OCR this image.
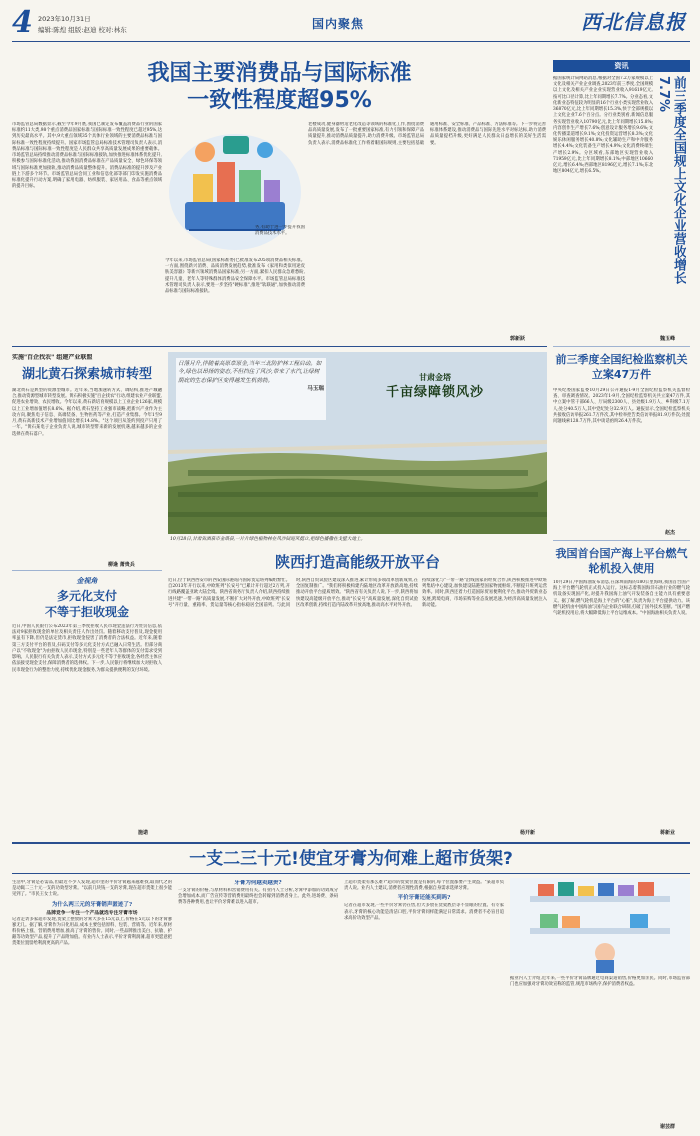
4 2023年10月31日
编辑:陈煌 组版:赵迪 校对:林东	国内聚焦	西北信息报
我国主要消费品与国际标准
一致性程度超95%
市场监管总局数据显示,截至今年9月底,我国已制定发布覆盖消费品行业的国家标准约11大类,98个重点消费品国家标准与国际标准一致性程度已超过95%,达到历史最高水平。其中,9大重点领域35个具体行业领域的主要消费品标准与国际标准一致性程度持续提升。国家市场监管总局标准技术管理司负责人表示,消费品标准与国际标准一致性程度是人民群众共享高质量发展成果的重要载体。市场监管总局持续推动消费品标准与国际标准接轨,加快推进标准体系优化提升,积极参与国际标准化活动,推动我国消费品标准在产品质量安全、绿色环保等领域与国际标准更加接轨,推动消费品质量整体提升。消费品标准的提升涉及产业链上下游多个环节。市场监管总局会同工业和信息化部等部门印发实施消费品标准化提升行动方案,明确了家用电器、纺织服装、家居用品、食品等重点领域的提升目标。
务,有助于进一步提升我国消费品技术水平。
今年以来,市场监管总局(国家标准委)已批准发布205项消费品相关标准。一方面,围绕新兴消费、品质消费发展趋势,批准发布《家用和类似用途皮肤美容器》等新兴领域消费品国家标准;另一方面,紧扣人民群众急难愁盼,提升儿童、老年人等特殊群体消费品安全保障水平。市场监管总局标准技术管理司负责人表示,要进一步坚持"硬标准",推进"软联通",加快推动消费品标准与国际标准接轨。
老楼成功,健身器材适老化改造等领域的标准化工作,围绕消费品高质量发展,发布了一批重要国家标准,有力引领和保障产品质量提升,推动消费品质量提升,助力消费升级。市场监管总局负责人表示,消费品标准化工作将着眼国际规则,主要包括基础通用标准、安全标准、产品标准、方法标准等。下一步将完善标准体系建设,推动消费品与国际先进水平对标达标,助力消费品质量提档升级,更好满足人民群众日益增长的美好生活需要。
郭新跃
资讯
前三季度全国规上文化企业营收增长7.7%
据国家统计局网站消息,根据对全国7.2万家规模以上文化及相关产业企业调查,2023年前三季度,全国规模以上文化及相关产业企业实现营业收入91619亿元,按可比口径计算,比上年同期增长7.7%。分业态看,文化新业态特征较为明显的16个行业小类实现营业收入36870亿元,比上年同期增长15.3%,快于全部规模以上文化企业7.6个百分点。分行业类别看,新闻信息服务实现营业收入10790亿元,比上年同期增长15.8%;内容创作生产增长7.6%;创意设计服务增长9.6%;文化传播渠道增长9.1%;文化投资运营增长8.3%;文化娱乐休闲服务增长40.8%;文化辅助生产和中介服务增长4.4%;文化装备生产增长4.9%;文化消费终端生产增长2.9%。分区域看,东部地区实现营业收入71959亿元,比上年同期增长8.1%;中部地区10660亿元,增长6.4%;西部地区8196亿元,增长7.1%;东北地区804亿元,增长6.5%。
魏玉峰
实施"百企找农" 组建产业联盟
湖北黄石探索城市转型
湖北黄石是典型的资源型城市。近年来,当地加速转方式、调结构,推进产城融合,推动资源型城市转型发展。黄石积极实施"百企找农"行动,组建农业产业联盟,促进农业增效、农民增收。今年以来,黄石新培育规模以上工业企业126家,规模以上工业增加值增长8.6%。据介绍,黄石坚持工业强市战略,把新兴产业作为主攻方向,聚焦电子信息、高端装备、生物医药等产业,打造产业集群。今年1至9月,黄石高新技术产业增加值同比增长14.8%。"这个项目从签约到投产只用了一年。"黄石某电子企业负责人说,城市转型带来新的发展机遇,越来越多的企业选择在黄石落户。
柳逢 萧贵兵
日落月升,伴随着高原草原金,当年三北防护林工程启动。如今,绿色以昂扬的姿态,不但挡住了风沙,带来了水汽,让绿树荫庇的生态保护区变得越发生机勃勃。
马玉瑞
甘肃金塔
千亩绿障锁风沙
10月28日,甘肃省酒泉市金塔县,一片片绿色植物林在风沙间迎风挺立,把绿色播撒在戈壁大地上。
陕西打造高能级开放平台
近日,位于陕西西安市的西安国际港站内国际货运班列编组繁忙。自2013年开行以来,中欧班列"长安号"已累计开行超过2万列,开行线路覆盖亚欧大陆全境。陕西省商务厅负责人介绍,陕西持续推进共建"一带一路"高质量发展,不断扩大对外开放,中欧班列"长安号"开行量、重箱率、货运量等核心指标稳居全国前列。与此同时,陕西自贸试验区建设深入推进,累计形成多项改革创新成果,在全国复制推广。"我们将积极构建内陆地区改革开放新高地,持续推动开放平台提质增效。"陕西省有关负责人说,下一步,陕西将加快建设高能级开放平台,推动"长安号"高质量发展,深化自贸试验区改革创新,持续打造内陆改革开放高地,推动高水平对外开放。
持续深化与"一带一路"沿线国家的经贸合作,陕西积极推进中欧班列集结中心建设,加快建设陆港型国家物流枢纽,不断提升班列运营效率。同时,陕西还着力打造国际贸易便利化平台,推动外贸新业态发展,跨境电商、市场采购等业态发展迅速,为经济高质量发展注入新动能。
杨开新
金视角
多元化支付
不等于拒收现金
近日,中国人民银行公布2023年第三季度拒收人民币现金违法行为处罚信息,依法对9家拒收现金的单位及相关责任人作出处罚。随着移动支付普及,现金使用率虽有下降,但仍是法定货币,拒收现金侵害了消费者的合法权益。近年来,随着第三方支付平台的普及,扫码支付等多元化支付方式已融入日常生活。但部分商户以"不收现金"为由拒收人民币现金,特别是一些老年人等群体的支付需求受到影响。人民银行有关负责人表示,支付方式多元化不等于拒收现金,各经营主体应依法接受现金支付,保障消费者的选择权。下一步,人民银行将继续加大对拒收人民币现金行为的整治力度,持续优化现金服务,为群众提供便利的支付环境。
施诺
前三季度全国纪检监察机关立案47万件
中央纪委国家监委10月29日公开通报1-9月全国纪检监察机关监督检查、审查调查情况。2023年1-9月,全国纪检监察机关共立案47万件,其中立案中管干部66人、厅局级2300人、县处级1.9万人、乡科级7.1万人;处分40.5万人,其中党纪处分32.9万人。通报显示,全国纪检监察机关共接收信访举报261.7万件次,其中检举控告类信访举报81.9万件次;处置问题线索128.7万件,其中谈话函询26.4万件次。
赵杰
我国首台国产海上平台燃气轮机投入使用
10月29日,中国海油发布消息,在深圳南海的180公里海域,我国首台国产海上平台燃气轮机正式投入运行。这标志着我国海洋石油行业的燃气轮机设备实现国产化,对提升我国海上油气开发装备自主能力具有重要意义。据了解,燃气轮机是海上平台的"心脏",负责为海上平台提供动力。该燃气轮机由中国海油与国内企业联合研制,打破了国外技术垄断。"国产燃气轮机投用后,将大幅降低海上平台运维成本。"中国海油相关负责人说。
蒋新业
一支二三十元!使宜牙膏为何难上超市货架?
生活中,牙膏是必需品,但最近不少人发现,超市里的平价牙膏越来越难找,取而代之的是动辄二三十元一支的功效型牙膏。"以前几块钱一支的牙膏,现在超市货架上很少能见到了。"市民王女士说。
为什么两三元的牙膏销声匿迹了?
品牌竞争一专注一个产品就选专注牙膏市场
记者走访多家超市发现,货架上摆放的牙膏大多在15元以上,价格在5元以下的牙膏寥寥无几。据了解,牙膏作为日化用品,成本主要包括原料、包装、营销等。近年来,原材料价格上涨、营销费用增加,推高了牙膏的售价。同时,一些品牌推出美白、抗敏、护龈等功效型产品,提升了产品附加值。有业内人士表示,平价牙膏利润薄,超市更愿意把货架位置留给利润更高的产品。
牙膏为何越卖越贵?
一支牙膏的价格,与原材料和营销费用有关。有业内人士分析,牙膏中添加的功效成分会增加成本,而广告宣传等营销费用最终也会转嫁到消费者身上。此外,进场费、条码费等各种费用,也让平价牙膏难以进入超市。
上超市货架有那么难?"超市的货架位置是有限的,每个位置都要产生效益。"某超市负责人说。业内人士建议,消费者应理性消费,根据自身需求选择牙膏。
平价牙膏还能买到吗?
记者在超市发现,一些平价牙膏仍在售,但大多放在货架底层等不显眼的位置。有专家表示,牙膏的核心功能是清洁口腔,平价牙膏同样能满足日常需求。消费者不必盲目追求高价功效型产品。
据业内人士介绍,近年来,一些平价牙膏品牌通过电商渠道销售,价格更加亲民。同时,市场监管部门也应加强对牙膏功效宣称的监管,规范市场秩序,保护消费者权益。
谢芸群
